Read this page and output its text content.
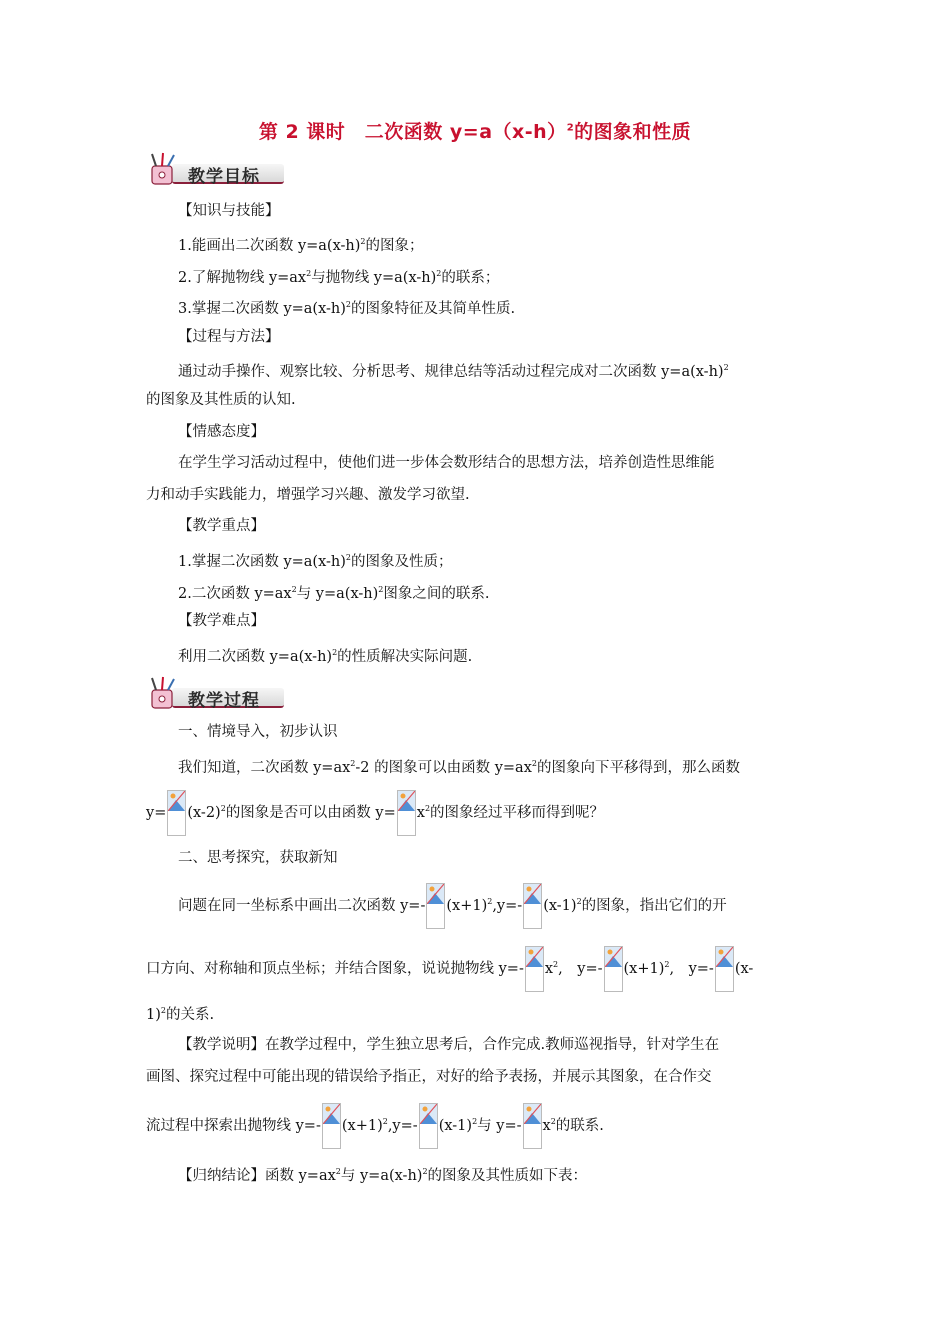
第 2 课时　二次函数 $y=a(x-h)^2$的图象和性质
教学目标
【知识与技能】
1.能画出二次函数 $y=a(x-h)^2$的图象；
2.了解抛物线 $y=ax^2$与抛物线 $y=a(x-h)^2$的联系；
3.掌握二次函数 $y=a(x-h)^2$的图象特征及其简单性质.
【过程与方法】
通过动手操作、观察比较、分析思考、规律总结等活动过程完成对二次函数 $y=a(x-h)^2$
的图象及其性质的认知.
【情感态度】
在学生学习活动过程中，使他们进一步体会数形结合的思想方法，培养创造性思维能
力和动手实践能力，增强学习兴趣、激发学习欲望.
【教学重点】
1.掌握二次函数 $y=a(x-h)^2$的图象及性质；
2.二次函数 $y=ax^2$与 $y=a(x-h)^2$图象之间的联系.
【教学难点】
利用二次函数 $y=a(x-h)^2$的性质解决实际问题.
教学过程
一、情境导入，初步认识
我们知道，二次函数 $y=ax^2-2$ 的图象可以由函数 $y=ax^2$的图象向下平移得到，那么函数
$y= (x-2)^2$的图象是否可以由函数 $y= x^2$的图象经过平移而得到呢？
二、思考探究，获取新知
问题在同一坐标系中画出二次函数 y=- $(x+1)^2,y=-$ $(x-1)^2$的图象，指出它们的开
口方向、对称轴和顶点坐标；并结合图象，说说抛物线 y=- $x^2$,　y=- $(x+1)^2$,　y=- (x-
1)$^2$的关系.
【教学说明】在教学过程中，学生独立思考后，合作完成.教师巡视指导，针对学生在
画图、探究过程中可能出现的错误给予指正，对好的给予表扬，并展示其图象，在合作交
流过程中探索出抛物线 y=- $(x+1)^2,y=-$ $(x-1)^2$与 y=- $x^2$的联系.
【归纳结论】函数 $y=ax^2$与 $y=a(x-h)^2$的图象及其性质如下表：
